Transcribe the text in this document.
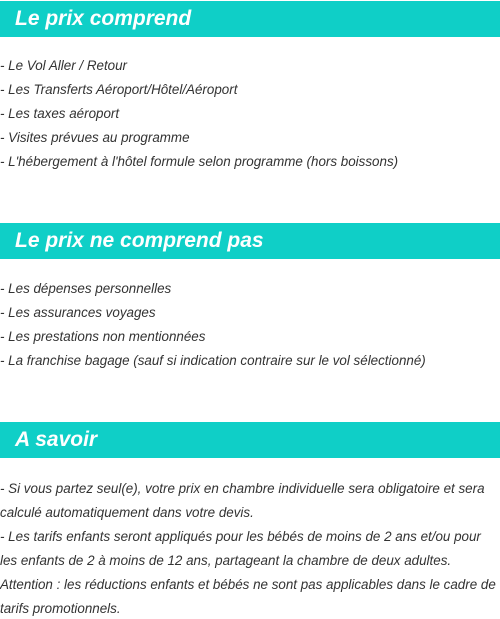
Le prix comprend
- Le Vol Aller / Retour
- Les Transferts Aéroport/Hôtel/Aéroport
- Les taxes aéroport
- Visites prévues au programme
- L'hébergement à l'hôtel formule selon programme (hors boissons)
Le prix ne comprend pas
- Les dépenses personnelles
- Les assurances voyages
- Les prestations non mentionnées
- La franchise bagage (sauf si indication contraire sur le vol sélectionné)
A savoir

- Si vous partez seul(e), votre prix en chambre individuelle sera obligatoire et sera calculé automatiquement dans votre devis.

- Les tarifs enfants seront appliqués pour les bébés de moins de 2 ans et/ou pour les enfants de 2 à moins de 12 ans, partageant la chambre de deux adultes.

Attention : les réductions enfants et bébés ne sont pas applicables dans le cadre de tarifs promotionnels.
